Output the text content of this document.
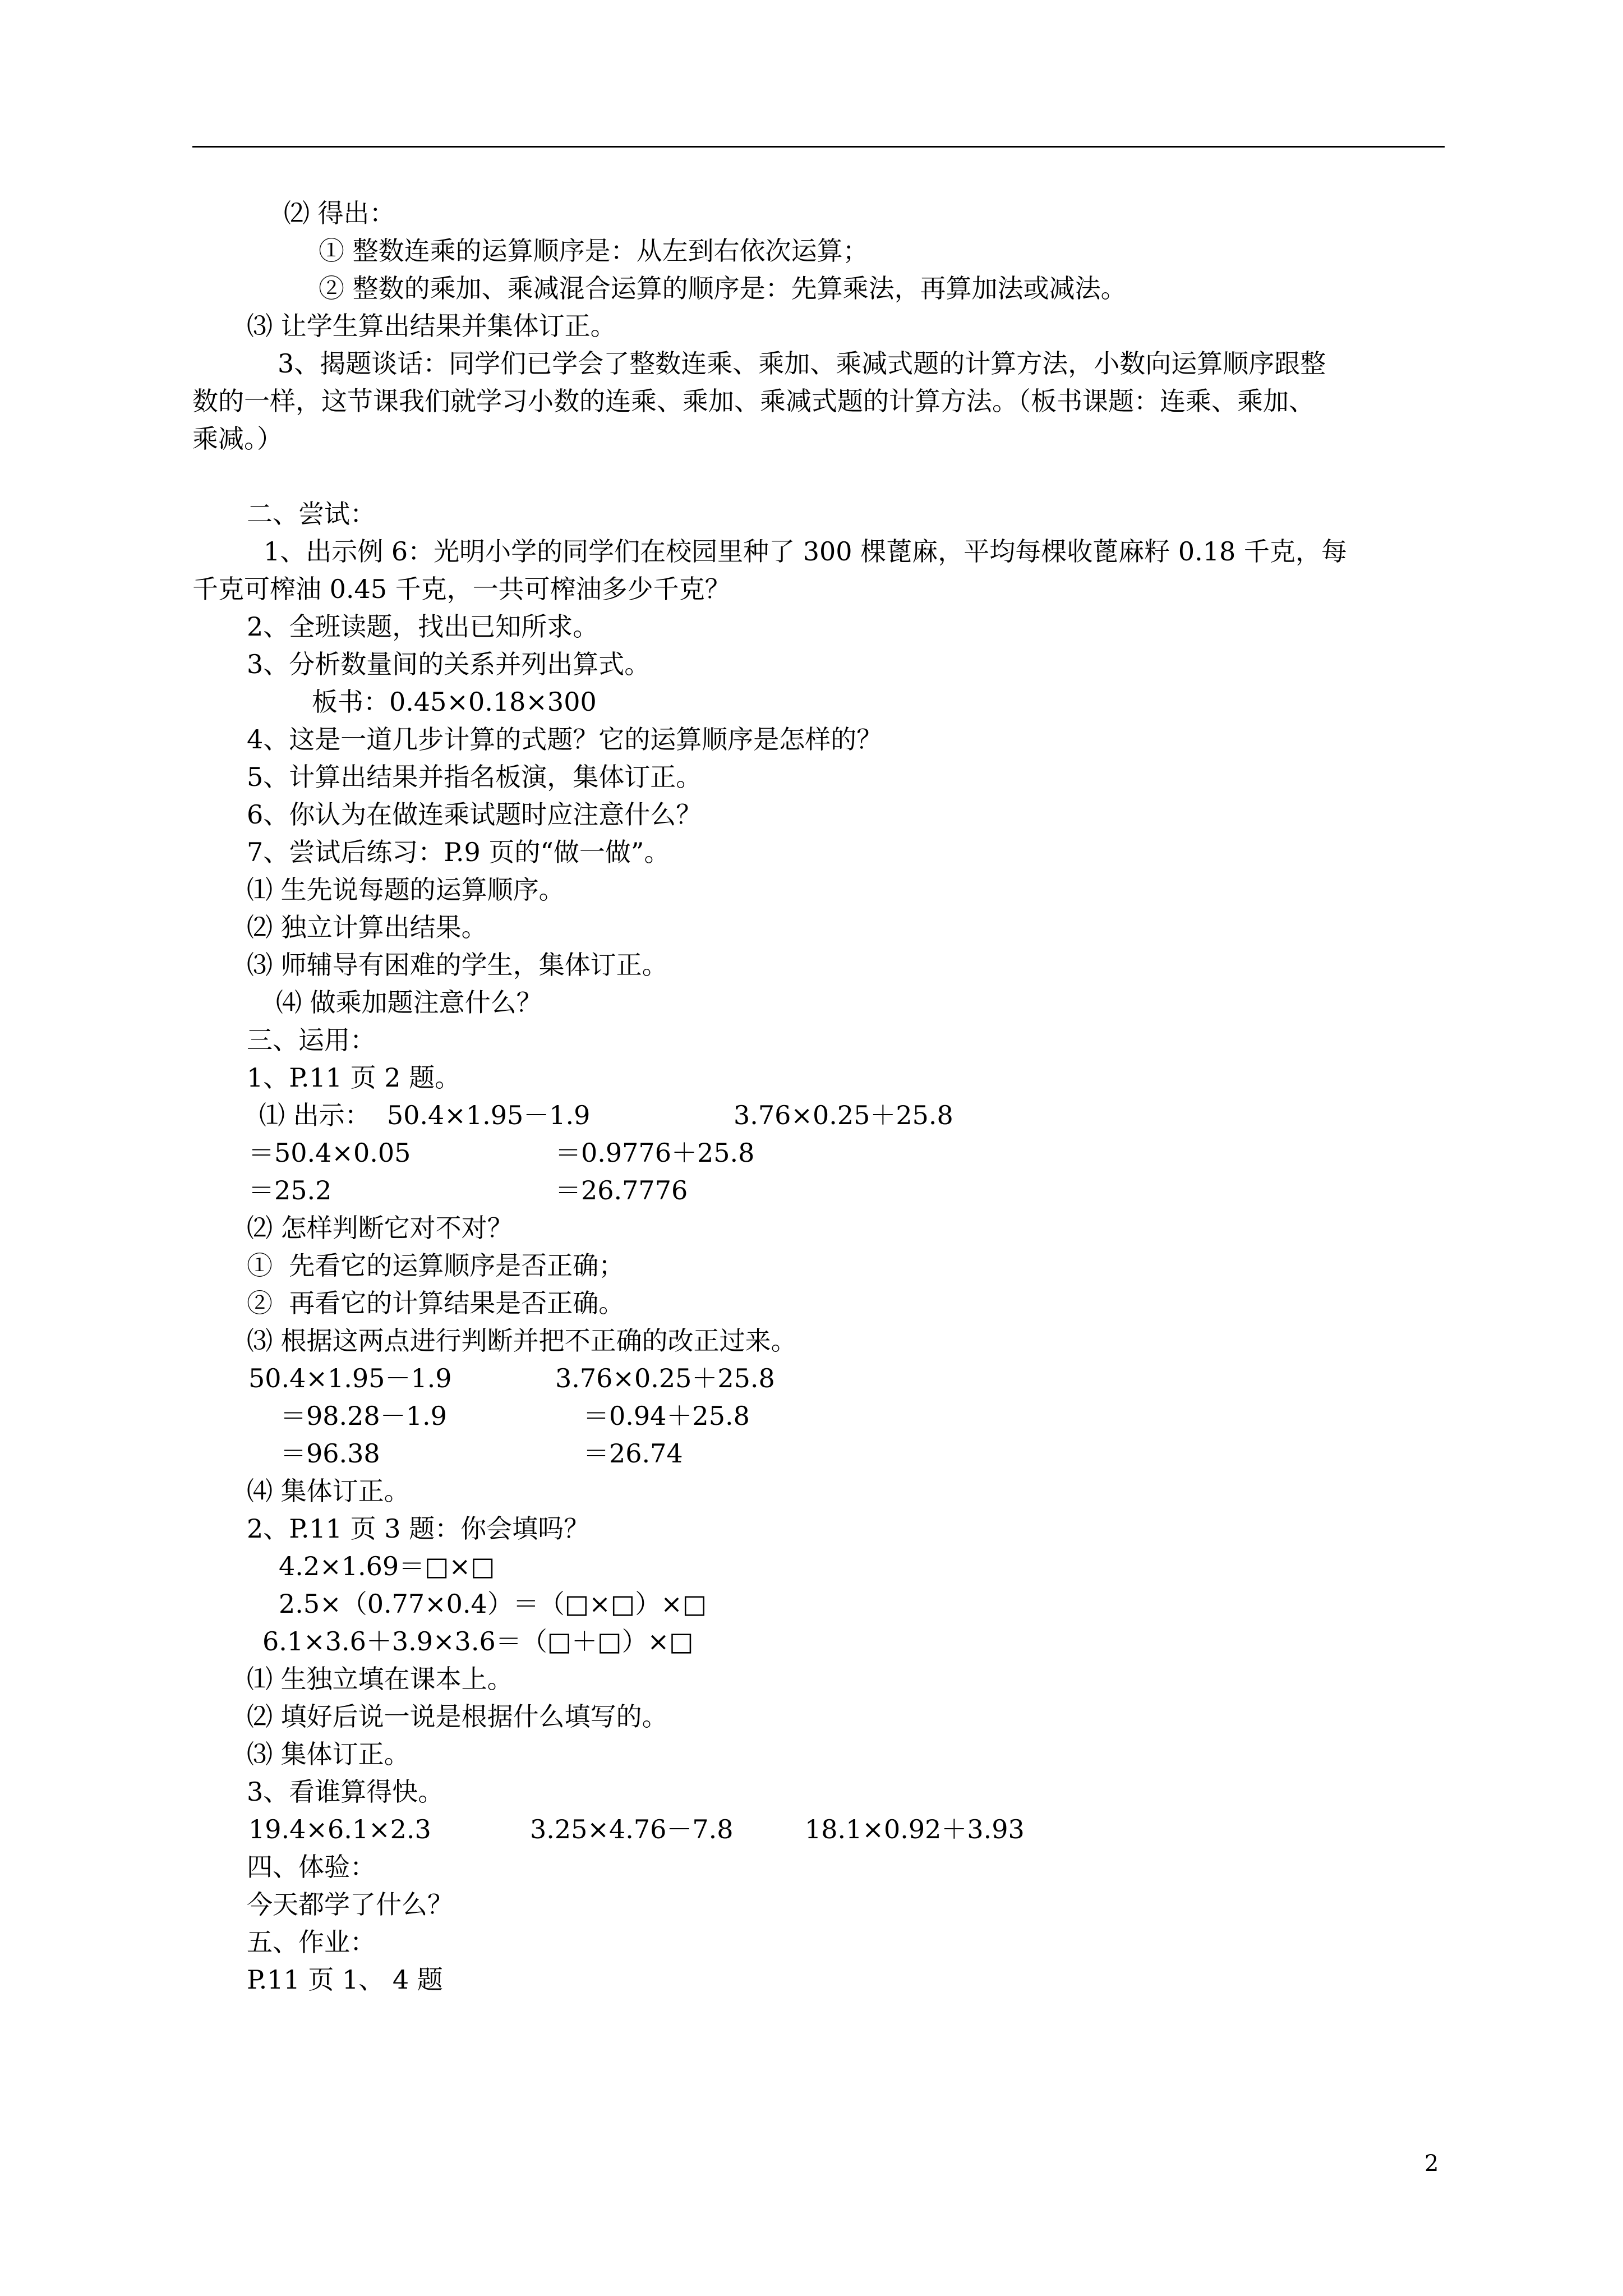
⑵ 得出：
① 整数连乘的运算顺序是：从左到右依次运算；
② 整数的乘加、乘减混合运算的顺序是：先算乘法，再算加法或减法。
⑶ 让学生算出结果并集体订正。
3、揭题谈话：同学们已学会了整数连乘、乘加、乘减式题的计算方法，小数向运算顺序跟整
数的一样，这节课我们就学习小数的连乘、乘加、乘减式题的计算方法。（板书课题：连乘、乘加、
乘减。）
二、尝试：
1、出示例 6：光明小学的同学们在校园里种了 300 棵蓖麻，平均每棵收蓖麻籽 0.18 千克，每
千克可榨油 0.45 千克，一共可榨油多少千克？
2、全班读题，找出已知所求。
3、分析数量间的关系并列出算式。
板书：0.45×0.18×300
4、这是一道几步计算的式题？它的运算顺序是怎样的？
5、计算出结果并指名板演，集体订正。
6、你认为在做连乘试题时应注意什么？
7、尝试后练习：P.9 页的“做一做”。
⑴ 生先说每题的运算顺序。
⑵ 独立计算出结果。
⑶ 师辅导有困难的学生，集体订正。
⑷ 做乘加题注意什么？
三、运用：
1、P.11 页 2 题。
⑴ 出示：  50.4×1.95－1.9	3.76×0.25＋25.8
＝50.4×0.05	＝0.9776＋25.8
＝25.2	＝26.7776
⑵ 怎样判断它对不对？
①  先看它的运算顺序是否正确；
②  再看它的计算结果是否正确。
⑶ 根据这两点进行判断并把不正确的改正过来。
50.4×1.95－1.9	3.76×0.25＋25.8
＝98.28－1.9	＝0.94＋25.8
＝96.38	＝26.74
⑷ 集体订正。
2、P.11 页 3 题：你会填吗？
4.2×1.69＝□×□
2.5×（0.77×0.4）＝（□×□）×□
6.1×3.6＋3.9×3.6＝（□＋□）×□
⑴ 生独立填在课本上。
⑵ 填好后说一说是根据什么填写的。
⑶ 集体订正。
3、看谁算得快。
19.4×6.1×2.3	3.25×4.76－7.8	18.1×0.92＋3.93
四、体验：
今天都学了什么？
五、作业：
P.11 页 1、 4 题
2
